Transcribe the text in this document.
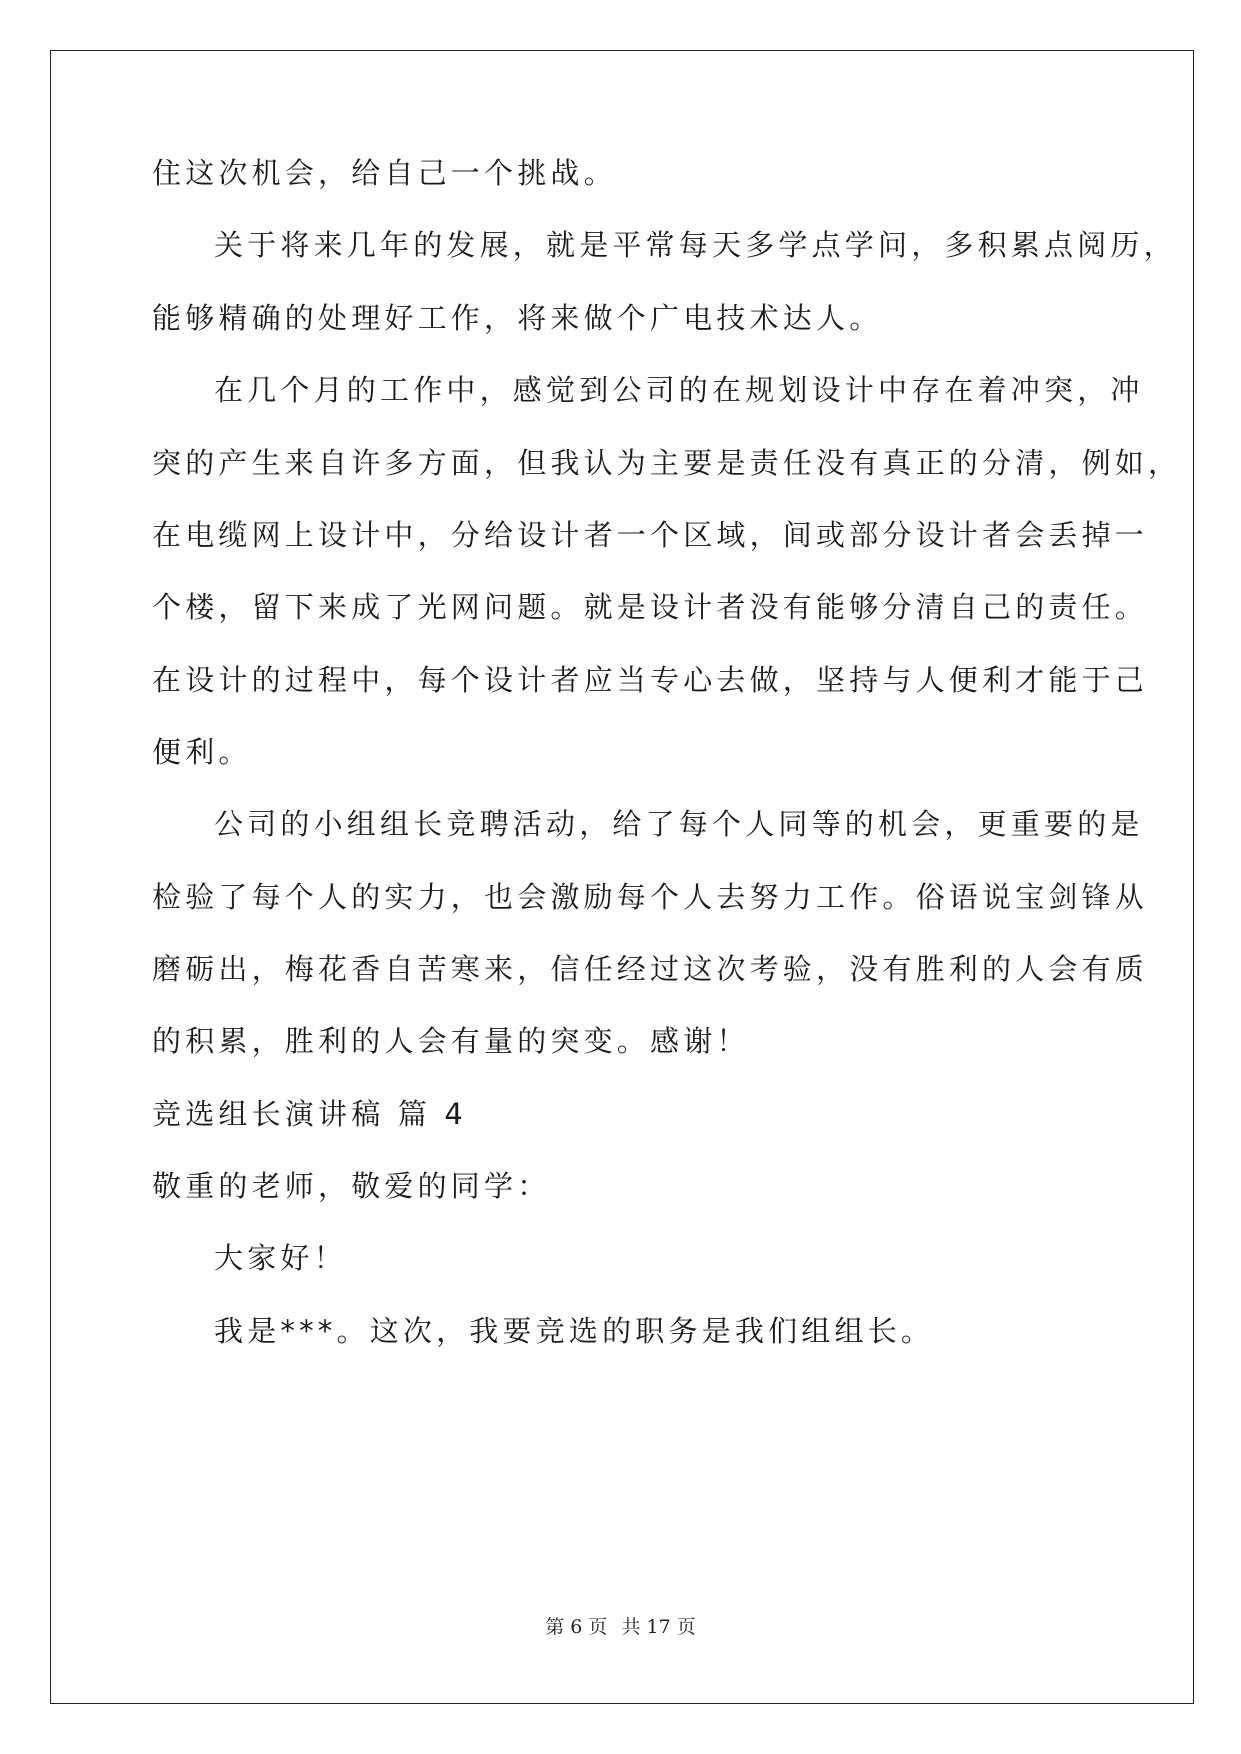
住这次机会，给自己一个挑战。
关于将来几年的发展，就是平常每天多学点学问，多积累点阅历，
能够精确的处理好工作，将来做个广电技术达人。
在几个月的工作中，感觉到公司的在规划设计中存在着冲突，冲
突的产生来自许多方面，但我认为主要是责任没有真正的分清，例如，
在电缆网上设计中，分给设计者一个区域，间或部分设计者会丢掉一
个楼，留下来成了光网问题。就是设计者没有能够分清自己的责任。
在设计的过程中，每个设计者应当专心去做，坚持与人便利才能于己
便利。
公司的小组组长竞聘活动，给了每个人同等的机会，更重要的是
检验了每个人的实力，也会激励每个人去努力工作。俗语说宝剑锋从
磨砺出，梅花香自苦寒来，信任经过这次考验，没有胜利的人会有质
的积累，胜利的人会有量的突变。感谢！
竞选组长演讲稿 篇 4
敬重的老师，敬爱的同学：
大家好！
我是***。这次，我要竞选的职务是我们组组长。
第 6 页 共 17 页
